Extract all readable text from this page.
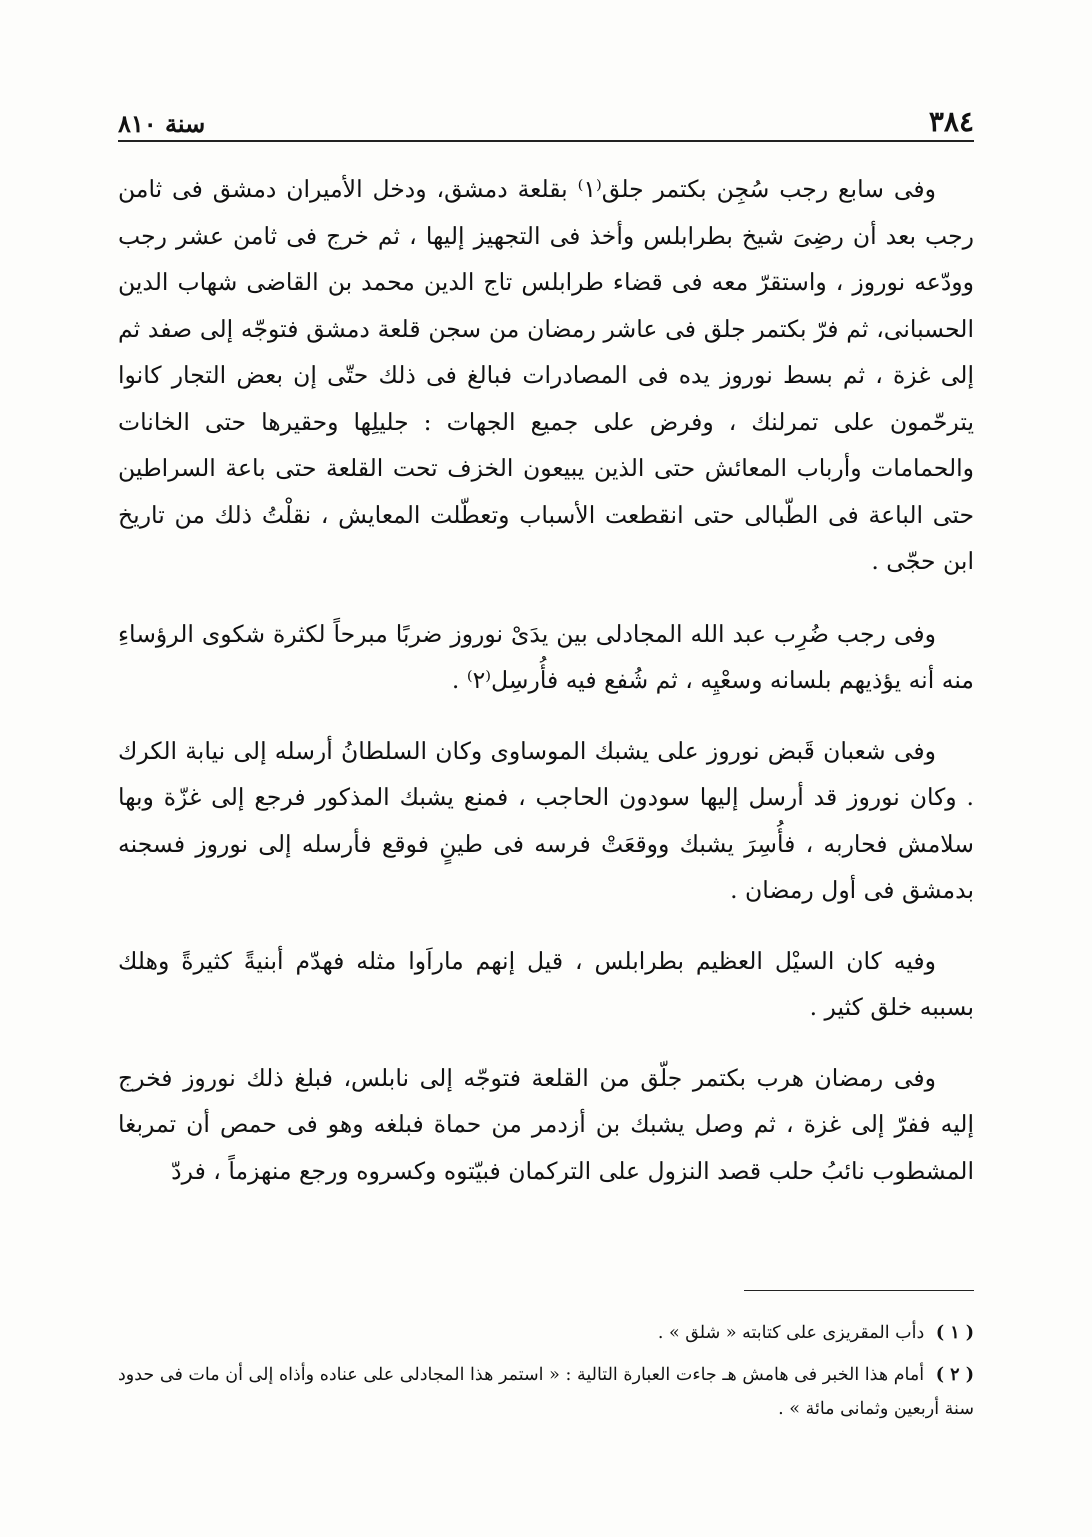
سنة ٨١٠	٣٨٤

وفى سابع رجب سُجِن بكتمر جلق⁽١⁾ بقلعة دمشق، ودخل الأميران دمشق فى ثامن رجب بعد أن رضِىَ شيخ بطرابلس وأخذ فى التجهيز إليها ، ثم خرج فى ثامن عشر رجب وودّعه نوروز ، واستقرّ معه فى قضاء طرابلس تاج الدين محمد بن القاضى شهاب الدين الحسبانى، ثم فرّ بكتمر جلق فى عاشر رمضان من سجن قلعة دمشق فتوجّه إلى صفد ثم إلى غزة ، ثم بسط نوروز يده فى المصادرات فبالغ فى ذلك حتّى إن بعض التجار كانوا يترحّمون على تمرلنك ، وفرض على جميع الجهات : جليلِها وحقيرها حتى الخانات والحمامات وأرباب المعائش حتى الذين يبيعون الخزف تحت القلعة حتى باعة السراطين حتى الباعة فى الطّبالى حتى انقطعت الأسباب وتعطّلت المعايش ، نقلْتُ ذلك من تاريخ ابن حجّى .

وفى رجب ضُرِب عبد الله المجادلى بين يدَىْ نوروز ضربًا مبرحاً لكثرة شكوى الرؤساءِ منه أنه يؤذيهم بلسانه وسعْيِه ، ثم شُفع فيه فأُرسِل⁽٢⁾ .

وفى شعبان قَبض نوروز على يشبك الموساوى وكان السلطانُ أرسله إلى نيابة الكرك . وكان نوروز قد أرسل إليها سودون الحاجب ، فمنع يشبك المذكور فرجع إلى غزّة وبها سلامش فحاربه ، فأُسِرَ يشبك ووقعَتْ فرسه فى طينٍ فوقع فأرسله إلى نوروز فسجنه بدمشق فى أول رمضان .

وفيه كان السيْل العظيم بطرابلس ، قيل إنهم ماراَوا مثله فهدّم أبنيةً كثيرةً وهلك بسببه خلق كثير .

وفى رمضان هرب بكتمر جلّق من القلعة فتوجّه إلى نابلس، فبلغ ذلك نوروز فخرج إليه ففرّ إلى غزة ، ثم وصل يشبك بن أزدمر من حماة فبلغه وهو فى حمص أن تمربغا المشطوب نائبُ حلب قصد النزول على التركمان فبيّتوه وكسروه ورجع منهزماً ، فردّ

( ١ ) دأب المقريزى على كتابته « شلق » .

( ٢ ) أمام هذا الخبر فى هامش هـ جاءت العبارة التالية : « استمر هذا المجادلى على عناده وأذاه إلى أن مات فى حدود سنة أربعين وثمانى مائة » .
